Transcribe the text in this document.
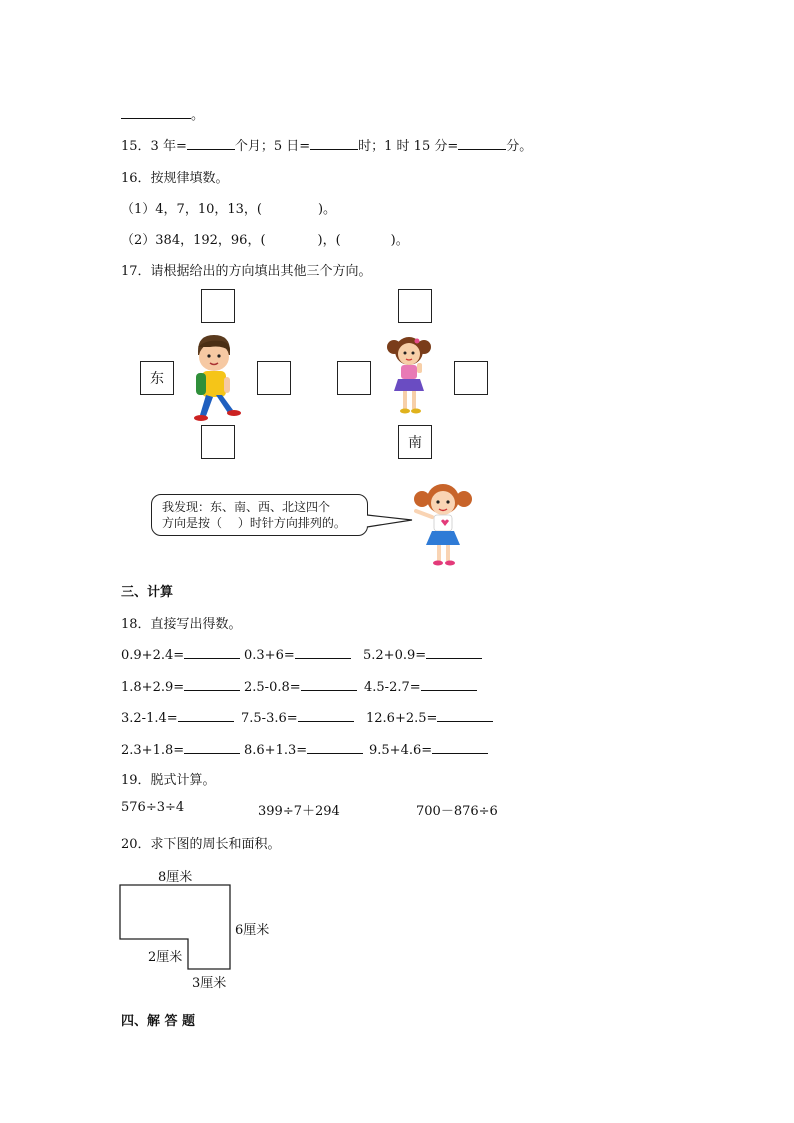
。
15．3 年=	个月；5 日=	时；1 时 15 分=	分。
16．按规律填数。
（1）4，7，10，13，(	)。
（2）384，192，96，(	)，(	)。
17．请根据给出的方向填出其他三个方向。
东
南
我发现：东、南、西、北这四个
方向是按（　 ）时针方向排列的。
三、计算
18．直接写出得数。
0.9+2.4=	0.3+6=	5.2+0.9=
1.8+2.9=	2.5-0.8=	4.5-2.7=
3.2-1.4=	7.5-3.6=	12.6+2.5=
2.3+1.8=	8.6+1.3=	9.5+4.6=
19．脱式计算。
576÷3÷4	399÷7＋294	700－876÷6
20．求下图的周长和面积。
8厘米
6厘米
2厘米
3厘米
四、解 答 题
